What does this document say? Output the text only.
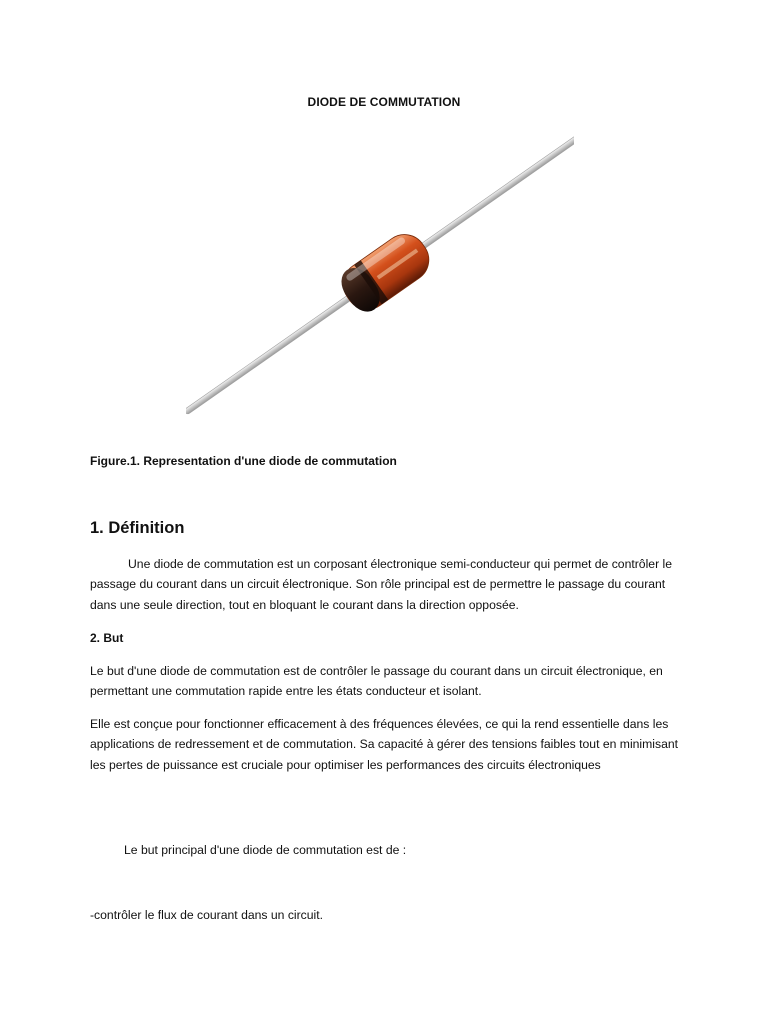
DIODE DE COMMUTATION
Figure.1. Representation d'une diode de commutation
1. Définition
Une diode de commutation est un corposant électronique semi-conducteur qui permet de contrôler le passage du courant dans un circuit électronique. Son rôle principal est de permettre le passage du courant dans une seule direction, tout en bloquant le courant dans la direction opposée.
2. But
Le but d'une diode de commutation est de contrôler le passage du courant dans un circuit électronique, en permettant une commutation rapide entre les états conducteur et isolant.
Elle est conçue pour fonctionner efficacement à des fréquences élevées, ce qui la rend essentielle dans les applications de redressement et de commutation. Sa capacité à gérer des tensions faibles tout en minimisant les pertes de puissance est cruciale pour optimiser les performances des circuits électroniques
Le but principal d'une diode de commutation est de :
-contrôler le flux de courant dans un circuit.
